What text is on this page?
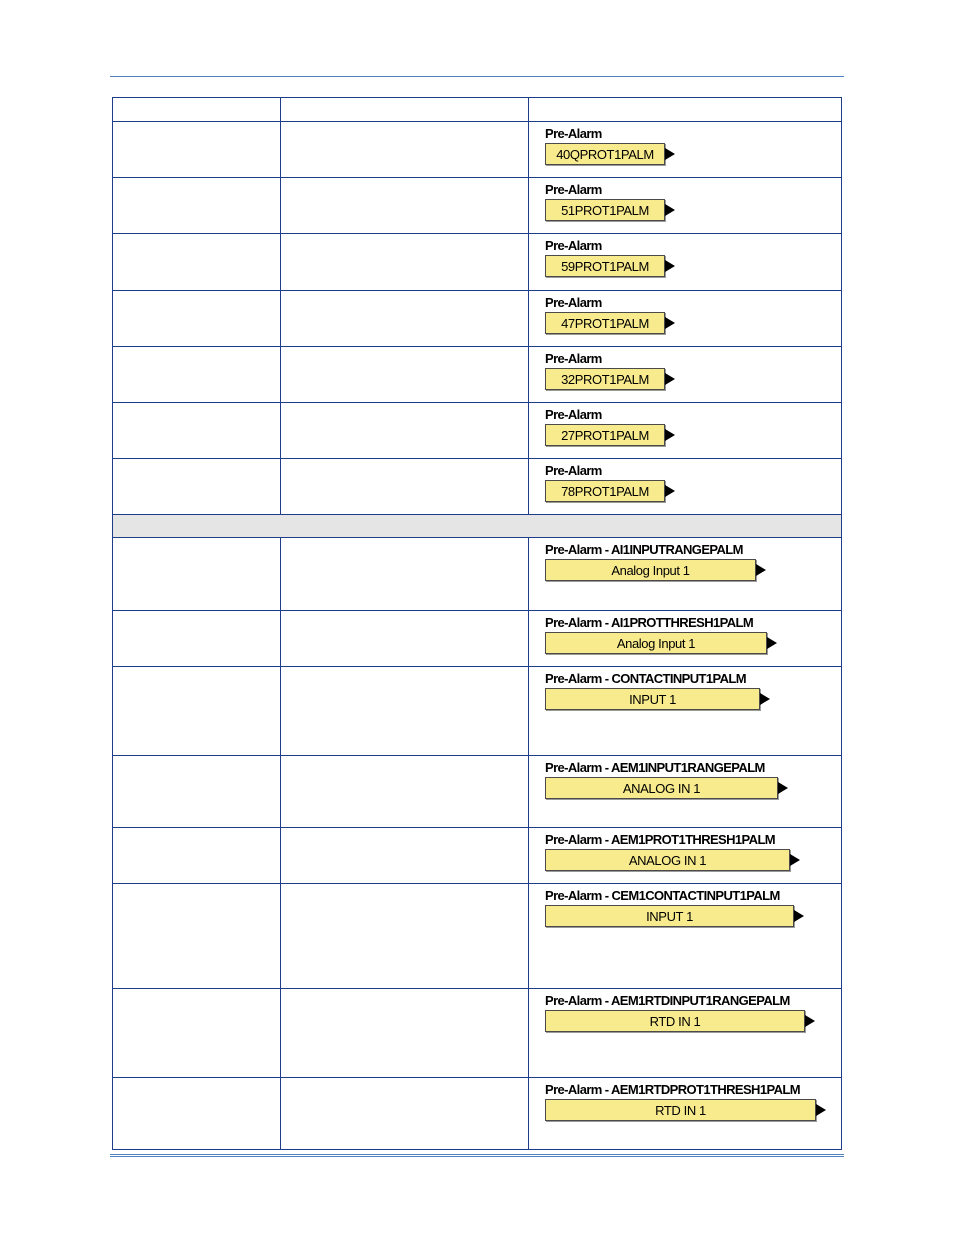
		Pre-Alarm
40QPROT1PALM

		Pre-Alarm
51PROT1PALM

		Pre-Alarm
59PROT1PALM

		Pre-Alarm
47PROT1PALM

		Pre-Alarm
32PROT1PALM

		Pre-Alarm
27PROT1PALM

		Pre-Alarm
78PROT1PALM

		Pre-Alarm - AI1INPUTRANGEPALM
Analog Input 1

		Pre-Alarm - AI1PROTTHRESH1PALM
Analog Input 1

		Pre-Alarm - CONTACTINPUT1PALM
INPUT 1

		Pre-Alarm - AEM1INPUT1RANGEPALM
ANALOG IN 1

		Pre-Alarm - AEM1PROT1THRESH1PALM
ANALOG IN 1

		Pre-Alarm - CEM1CONTACTINPUT1PALM
INPUT 1

		Pre-Alarm - AEM1RTDINPUT1RANGEPALM
RTD IN 1

		Pre-Alarm - AEM1RTDPROT1THRESH1PALM
RTD IN 1
